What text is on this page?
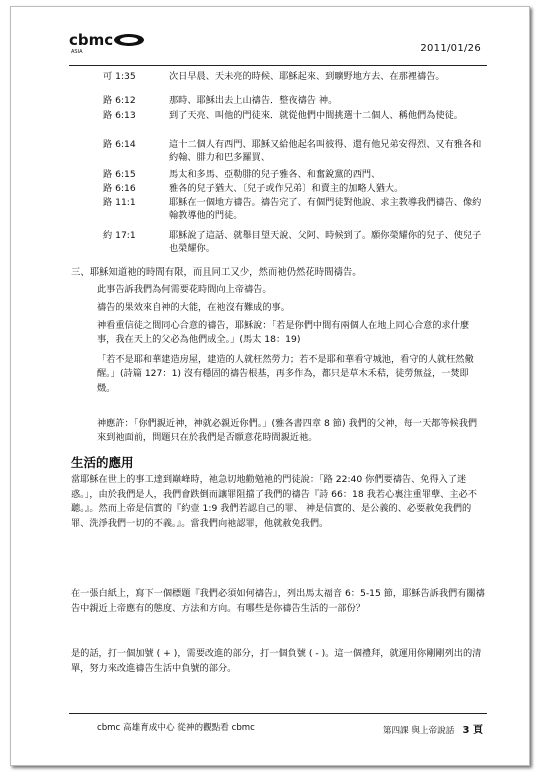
cbmc
ASIA	2011/01/26
可 1:35	次日早晨、天未亮的時候、耶穌起來、到曠野地方去、在那裡禱告。
路 6:12	那時、耶穌出去上山禱告．整夜禱告 神。
路 6:13	到了天亮、叫他的門徒來．就從他們中間挑選十二個人、稱他們為使徒。
路 6:14	這十二個人有西門、耶穌又給他起名叫彼得、還有他兄弟安得烈、又有雅各和約翰、腓力和巴多羅買、
路 6:15	馬太和多馬、亞勒腓的兒子雅各、和奮銳黨的西門、
路 6:16	雅各的兒子猶大、〔兒子或作兄弟〕和賣主的加略人猶大。
路 11:1	耶穌在一個地方禱告。禱告完了、有個門徒對他說、求主教導我們禱告、像約翰教導他的門徒。
約 17:1	耶穌說了這話、就舉目望天說、父阿、時候到了。願你榮耀你的兒子、使兒子也榮耀你。
三、耶穌知道祂的時間有限，而且同工又少，然而祂仍然花時間禱告。
此事告訴我們為何需要花時間向上帝禱告。
禱告的果效來自神的大能，在祂沒有難成的事。
神看重信徒之間同心合意的禱告，耶穌說：「若是你們中間有兩個人在地上同心合意的求什麼事，我在天上的父必為他們成全。」(馬太 18：19)
「若不是耶和華建造房屋，建造的人就枉然勞力；若不是耶和華看守城池，看守的人就枉然儆醒。」(詩篇 127：1) 沒有穩固的禱告根基，再多作為，都只是草木禾秸，徒勞無益，一焚即燬。
神應許：「你們親近神，神就必親近你們。」(雅各書四章 8 節) 我們的父神，每一天都等候我們來到祂面前，問題只在於我們是否願意花時間親近祂。
生活的應用
當耶穌在世上的事工達到巔峰時，祂急切地勸勉祂的門徒說：「路 22:40 你們要禱告、免得入了迷惑。」，由於我們是人，我們會跌倒而讓罪阻擋了我們的禱告『詩 66：18 我若心裏注重罪孽、主必不聽。』。然而上帝是信實的『約壹 1:9 我們若認自己的罪、 神是信實的、是公義的、必要赦免我們的罪、洗淨我們一切的不義。』。當我們向祂認罪，他就赦免我們。
在一張白紙上，寫下一個標題『我們必須如何禱告』，列出馬太福音 6：5-15 節，耶穌告訴我們有關禱告中親近上帝應有的態度、方法和方向。有哪些是你禱告生活的一部份？
是的話，打一個加號 ( + )，需要改進的部分，打一個負號 ( - )。這一個禮拜，就運用你剛剛列出的清單，努力來改進禱告生活中負號的部分。
cbmc 高雄育成中心 從神的觀點看 cbmc	第四課 與上帝說話 3 頁
